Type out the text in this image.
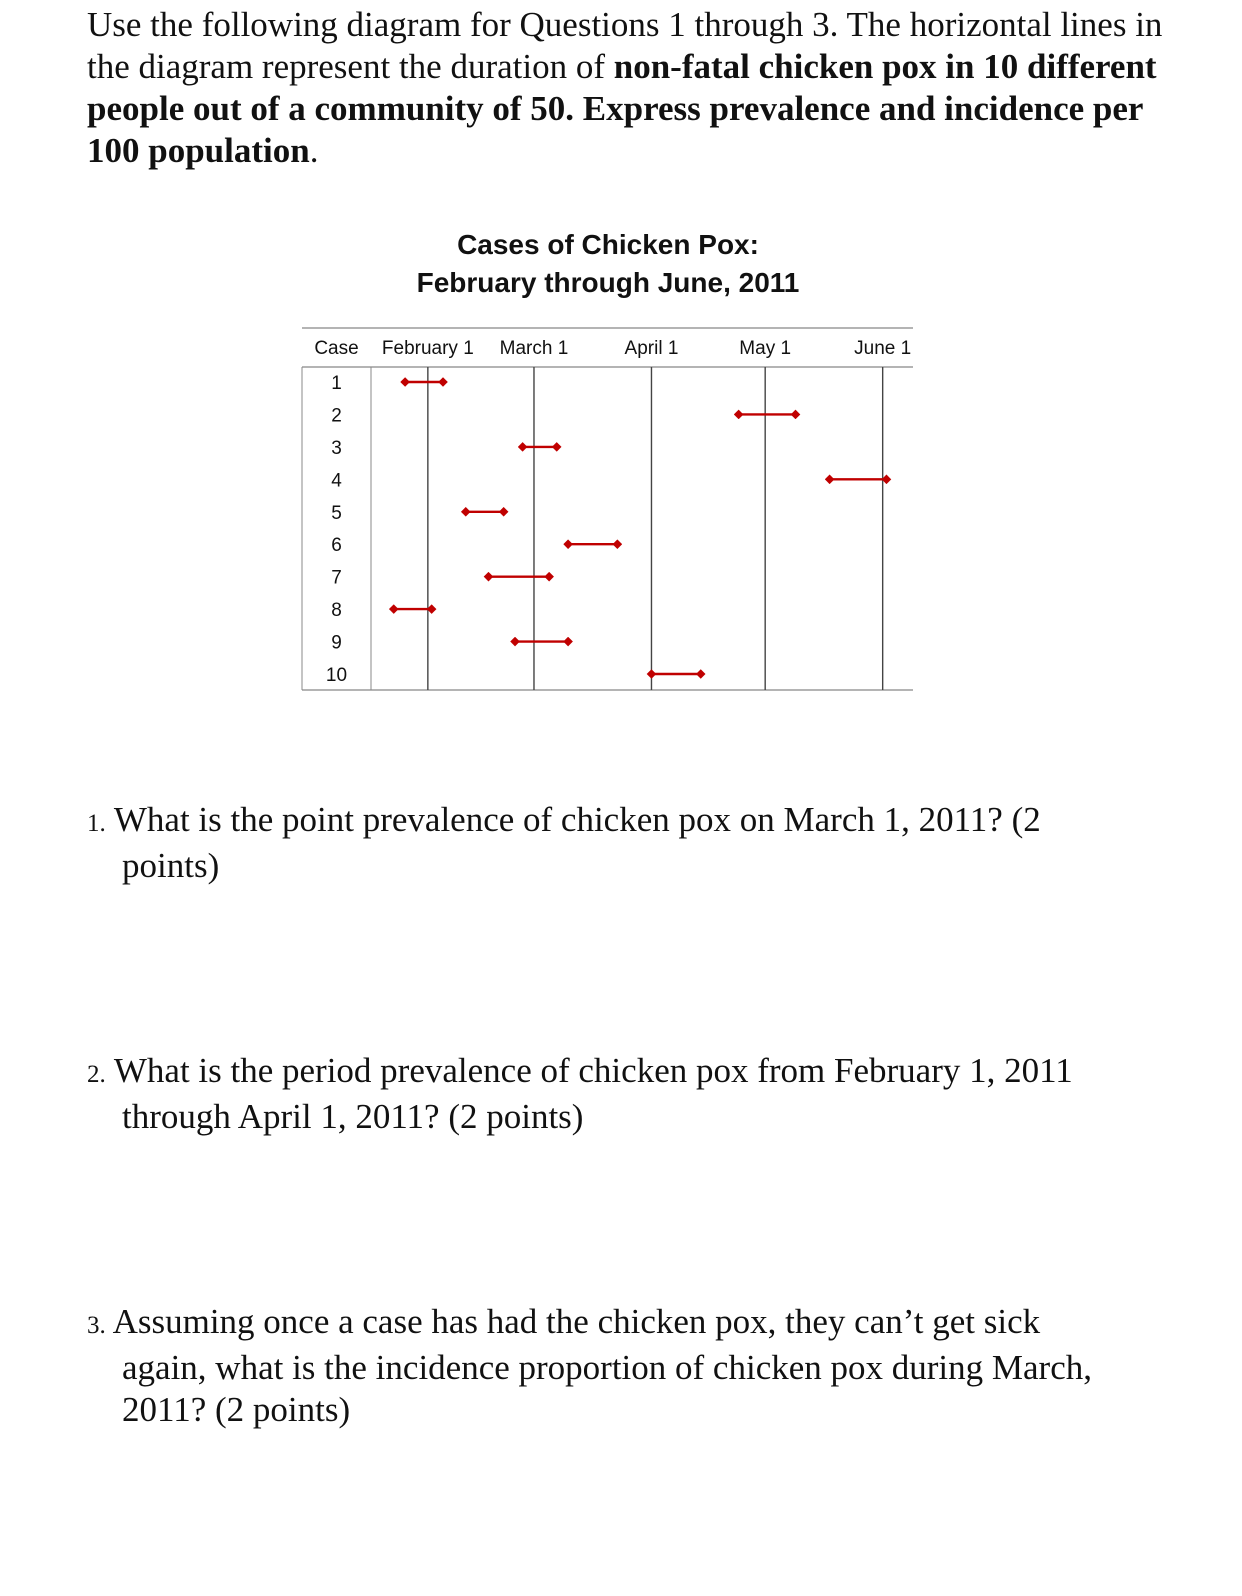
Use the following diagram for Questions 1 through 3. The horizontal lines in the diagram represent the duration of non-fatal chicken pox in 10 different people out of a community of 50. Express prevalence and incidence per 100 population.

Cases of Chicken Pox:
February through June, 2011
Case February 1 March 1	April 1	May 1	June 1
1
2
3
4
5
6
7
8
9
10
1. What is the point prevalence of chicken pox on March 1, 2011? (2
points)
2. What is the period prevalence of chicken pox from February 1, 2011
through April 1, 2011? (2 points)
3. Assuming once a case has had the chicken pox, they can’t get sick
again, what is the incidence proportion of chicken pox during March,
2011? (2 points)
